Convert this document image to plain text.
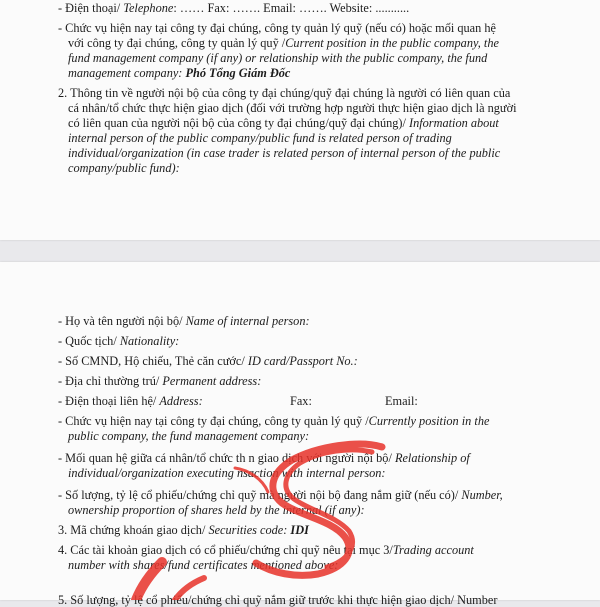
- Điện thoại/ Telephone: …… Fax: ……. Email: ……. Website: ...........

- Chức vụ hiện nay tại công ty đại chúng, công ty quản lý quỹ (nếu có) hoặc mối quan hệ

với công ty đại chúng, công ty quản lý quỹ /Current position in the public company, the

fund management company (if any) or relationship with the public company, the fund

management company: Phó Tổng Giám Đốc

2. Thông tin về người nội bộ của công ty đại chúng/quỹ đại chúng là người có liên quan của

cá nhân/tổ chức thực hiện giao dịch (đối với trường hợp người thực hiện giao dịch là người

có liên quan của người nội bộ của công ty đại chúng/quỹ đại chúng)/ Information about

internal person of the public company/public fund is related person of trading

individual/organization (in case trader is related person of internal person of the public

company/public fund):

- Họ và tên người nội bộ/ Name of internal person:

- Quốc tịch/ Nationality:

- Số CMND, Hộ chiếu, Thẻ căn cước/ ID card/Passport No.:

- Địa chỉ thường trú/ Permanent address:

- Điện thoại liên hệ/ Address:	Fax:	Email:

- Chức vụ hiện nay tại công ty đại chúng, công ty quản lý quỹ /Currently position in the

public company, the fund management company:

- Mối quan hệ giữa cá nhân/tổ chức th n giao dịch với người nội bộ/ Relationship of

individual/organization executing nsaction with internal person:

- Số lượng, tỷ lệ cổ phiếu/chứng chỉ quỹ mà người nội bộ đang nắm giữ (nếu có)/ Number,

ownership proportion of shares held by the internal (if any):

3. Mã chứng khoán giao dịch/ Securities code: IDI

4. Các tài khoản giao dịch có cổ phiếu/chứng chỉ quỹ nêu tại mục 3/Trading account

number with shares/fund certificates mentioned above:

5. Số lượng, tỷ lệ cổ phiếu/chứng chỉ quỹ nắm giữ trước khi thực hiện giao dịch/ Number
